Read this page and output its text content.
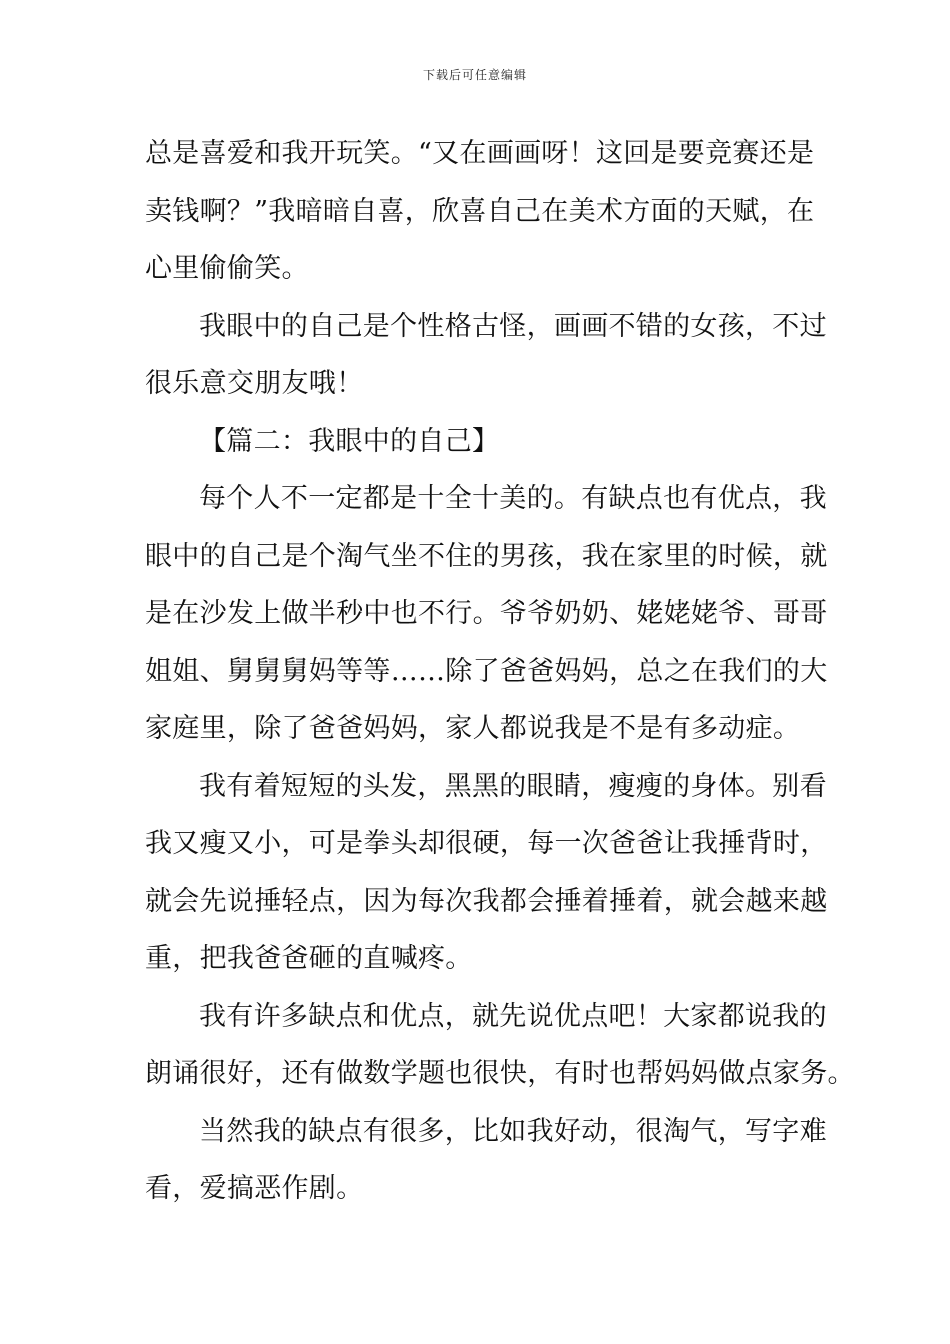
下载后可任意编辑
总是喜爱和我开玩笑。“又在画画呀！这回是要竞赛还是
卖钱啊？”我暗暗自喜，欣喜自己在美术方面的天赋，在
心里偷偷笑。
我眼中的自己是个性格古怪，画画不错的女孩，不过
很乐意交朋友哦！
【篇二：我眼中的自己】
每个人不一定都是十全十美的。有缺点也有优点，我
眼中的自己是个淘气坐不住的男孩，我在家里的时候，就
是在沙发上做半秒中也不行。爷爷奶奶、姥姥姥爷、哥哥
姐姐、舅舅舅妈等等……除了爸爸妈妈，总之在我们的大
家庭里，除了爸爸妈妈，家人都说我是不是有多动症。
我有着短短的头发，黑黑的眼睛，瘦瘦的身体。别看
我又瘦又小，可是拳头却很硬，每一次爸爸让我捶背时，
就会先说捶轻点，因为每次我都会捶着捶着，就会越来越
重，把我爸爸砸的直喊疼。
我有许多缺点和优点，就先说优点吧！大家都说我的
朗诵很好，还有做数学题也很快，有时也帮妈妈做点家务。
当然我的缺点有很多，比如我好动，很淘气，写字难
看，爱搞恶作剧。
